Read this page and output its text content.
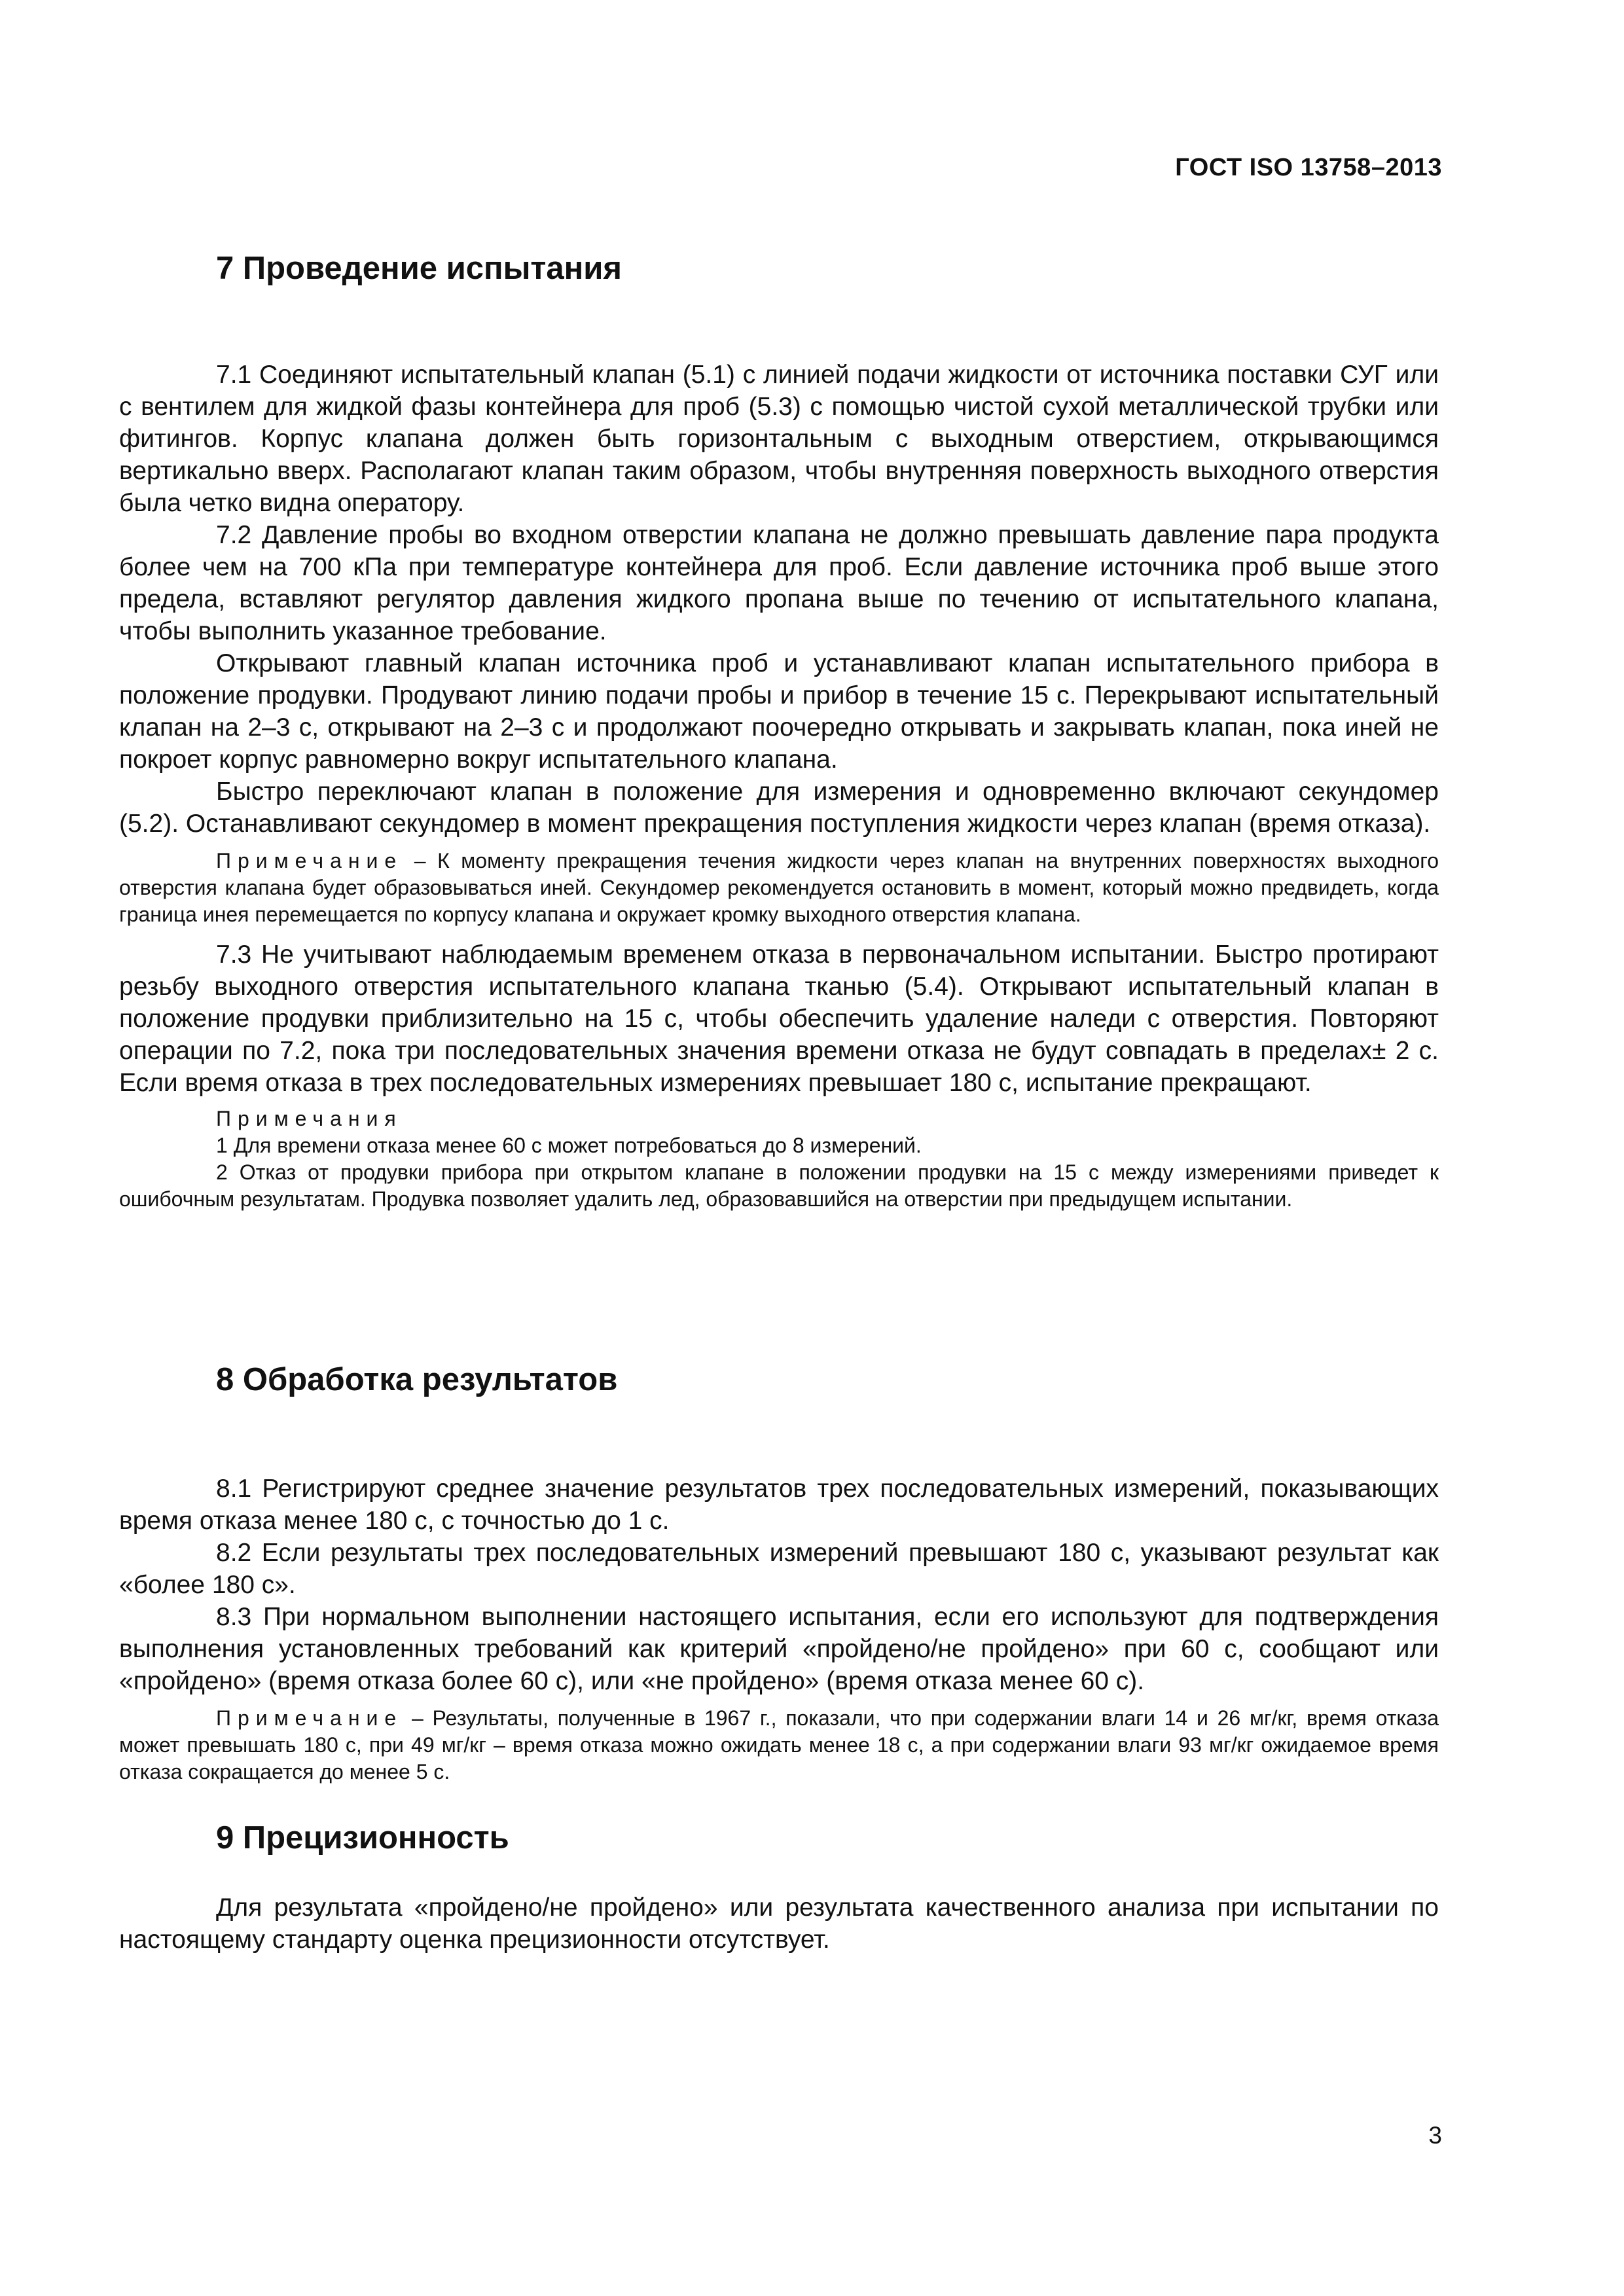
ГОСТ ISO 13758–2013
7 Проведение испытания

7.1 Соединяют испытательный клапан (5.1) с линией подачи жидкости от источника поставки СУГ или с вентилем для жидкой фазы контейнера для проб (5.3) с помощью чистой сухой металлической трубки или фитингов. Корпус клапана должен быть горизонтальным с выходным отверстием, открывающимся вертикально вверх. Располагают клапан таким образом, чтобы внутренняя поверхность выходного отверстия была четко видна оператору.

7.2 Давление пробы во входном отверстии клапана не должно превышать давление пара продукта более чем на 700 кПа при температуре контейнера для проб. Если давление источника проб выше этого предела, вставляют регулятор давления жидкого пропана выше по течению от испытательного клапана, чтобы выполнить указанное требование.

Открывают главный клапан источника проб и устанавливают клапан испытательного прибора в положение продувки. Продувают линию подачи пробы и прибор в течение 15 с. Перекрывают испытательный клапан на 2–3 с, открывают на 2–3 с и продолжают поочередно открывать и закрывать клапан, пока иней не покроет корпус равномерно вокруг испытательного клапана.

Быстро переключают клапан в положение для измерения и одновременно включают секундомер (5.2). Останавливают секундомер в момент прекращения поступления жидкости через клапан (время отказа).

Примечание – К моменту прекращения течения жидкости через клапан на внутренних поверхностях выходного отверстия клапана будет образовываться иней. Секундомер рекомендуется остановить в момент, который можно предвидеть, когда граница инея перемещается по корпусу клапана и окружает кромку выходного отверстия клапана.

7.3 Не учитывают наблюдаемым временем отказа в первоначальном испытании. Быстро протирают резьбу выходного отверстия испытательного клапана тканью (5.4). Открывают испытательный клапан в положение продувки приблизительно на 15 с, чтобы обеспечить удаление наледи с отверстия. Повторяют операции по 7.2, пока три последовательных значения времени отказа не будут совпадать в пределах± 2 с. Если время отказа в трех последовательных измерениях превышает 180 с, испытание прекращают.

Примечания

1 Для времени отказа менее 60 с может потребоваться до 8 измерений.

2 Отказ от продувки прибора при открытом клапане в положении продувки на 15 с между измерениями приведет к ошибочным результатам. Продувка позволяет удалить лед, образовавшийся на отверстии при предыдущем испытании.

8 Обработка результатов

8.1 Регистрируют среднее значение результатов трех последовательных измерений, показывающих время отказа менее 180 с, с точностью до 1 с.

8.2 Если результаты трех последовательных измерений превышают 180 с, указывают результат как «более 180 с».

8.3 При нормальном выполнении настоящего испытания, если его используют для подтверждения выполнения установленных требований как критерий «пройдено/не пройдено» при 60 с, сообщают или «пройдено» (время отказа более 60 с), или «не пройдено» (время отказа менее 60 с).

Примечание – Результаты, полученные в 1967 г., показали, что при содержании влаги 14 и 26 мг/кг, время отказа может превышать 180 с, при 49 мг/кг – время отказа можно ожидать менее 18 с, а при содержании влаги 93 мг/кг ожидаемое время отказа сокращается до менее 5 с.

9 Прецизионность

Для результата «пройдено/не пройдено» или результата качественного анализа при испытании по настоящему стандарту оценка прецизионности отсутствует.

3
